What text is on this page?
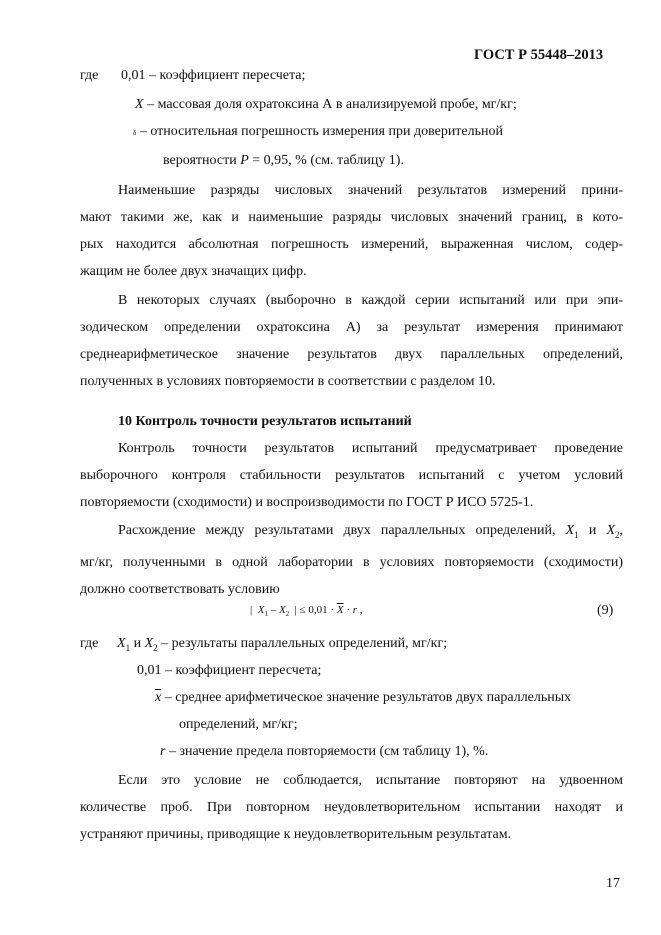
ГОСТ Р 55448–2013
где 0,01 – коэффициент пересчета;
X – массовая доля охратоксина А в анализируемой пробе, мг/кг;
δ – относительная погрешность измерения при доверительной
вероятности P = 0,95, % (см. таблицу 1).
Наименьшие разряды числовых значений результатов измерений прини-
мают такими же, как и наименьшие разряды числовых значений границ, в кото-
рых находится абсолютная погрешность измерений, выраженная числом, содер-
жащим не более двух значащих цифр.
В некоторых случаях (выборочно в каждой серии испытаний или при эпи-
зодическом определении охратоксина А) за результат измерения принимают
среднеарифметическое значение результатов двух параллельных определений,
полученных в условиях повторяемости в соответствии с разделом 10.
10 Контроль точности результатов испытаний
Контроль точности результатов испытаний предусматривает проведение
выборочного контроля стабильности результатов испытаний с учетом условий
повторяемости (сходимости) и воспроизводимости по ГОСТ Р ИСО 5725-1.
Расхождение между результатами двух параллельных определений, $X_1$ и $X_2$,
мг/кг, полученными в одной лаборатории в условиях повторяемости (сходимости)
должно соответствовать условию
| $X_1 - X_2$ | ≤ $0,01 \cdot \overline{X} \cdot r$ ,	(9)
где $X_1$ и $X_2$ – результаты параллельных определений, мг/кг;
0,01 – коэффициент пересчета;
$\overline{x}$ – среднее арифметическое значение результатов двух параллельных
определений, мг/кг;
r – значение предела повторяемости (см таблицу 1), %.
Если это условие не соблюдается, испытание повторяют на удвоенном
количестве проб. При повторном неудовлетворительном испытании находят и
устраняют причины, приводящие к неудовлетворительным результатам.
17
